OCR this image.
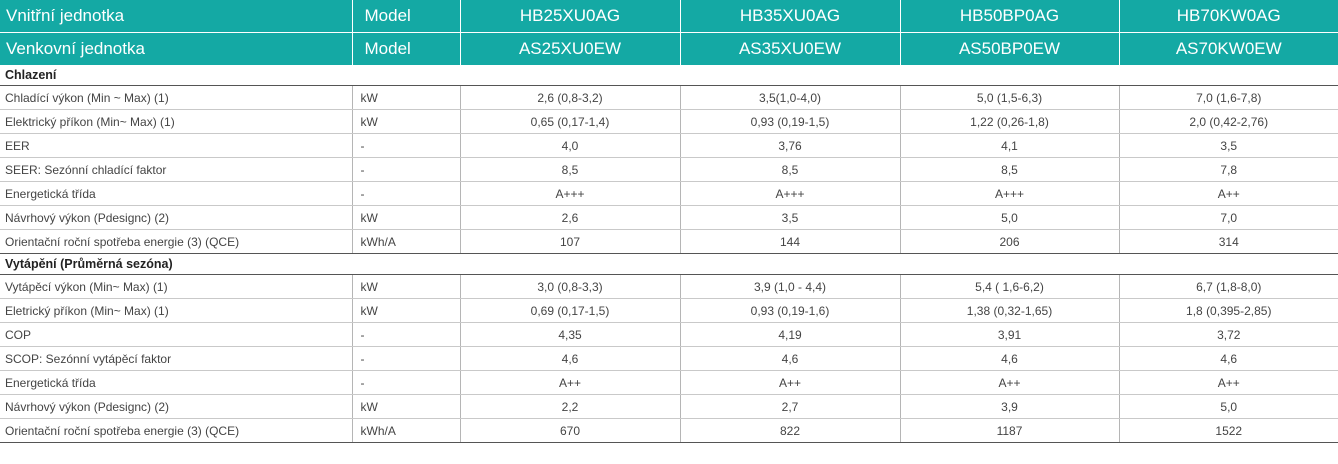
Vnitřní jednotka	Model	HB25XU0AG	HB35XU0AG	HB50BP0AG	HB70KW0AG
Venkovní jednotka	Model	AS25XU0EW	AS35XU0EW	AS50BP0EW	AS70KW0EW
Chlazení					
Chladící výkon (Min ~ Max) (1)	kW	2,6 (0,8-3,2)	3,5(1,0-4,0)	5,0 (1,5-6,3)	7,0 (1,6-7,8)
Elektrický příkon (Min~ Max) (1)	kW	0,65 (0,17-1,4)	0,93 (0,19-1,5)	1,22 (0,26-1,8)	2,0 (0,42-2,76)
EER	-	4,0	3,76	4,1	3,5
SEER: Sezónní chladící faktor	-	8,5	8,5	8,5	7,8
Energetická třída	-	A+++	A+++	A+++	A++
Návrhový výkon (Pdesignc) (2)	kW	2,6	3,5	5,0	7,0
Orientační roční spotřeba energie (3) (QCE)	kWh/A	107	144	206	314
Vytápění (Průměrná sezóna)					
Vytápěcí výkon (Min~ Max) (1)	kW	3,0 (0,8-3,3)	3,9 (1,0 - 4,4)	5,4 ( 1,6-6,2)	6,7 (1,8-8,0)
Eletrický příkon (Min~ Max) (1)	kW	0,69 (0,17-1,5)	0,93 (0,19-1,6)	1,38 (0,32-1,65)	1,8 (0,395-2,85)
COP	-	4,35	4,19	3,91	3,72
SCOP: Sezónní vytápěcí faktor	-	4,6	4,6	4,6	4,6
Energetická třída	-	A++	A++	A++	A++
Návrhový výkon (Pdesignc) (2)	kW	2,2	2,7	3,9	5,0
Orientační roční spotřeba energie (3) (QCE)	kWh/A	670	822	1187	1522
